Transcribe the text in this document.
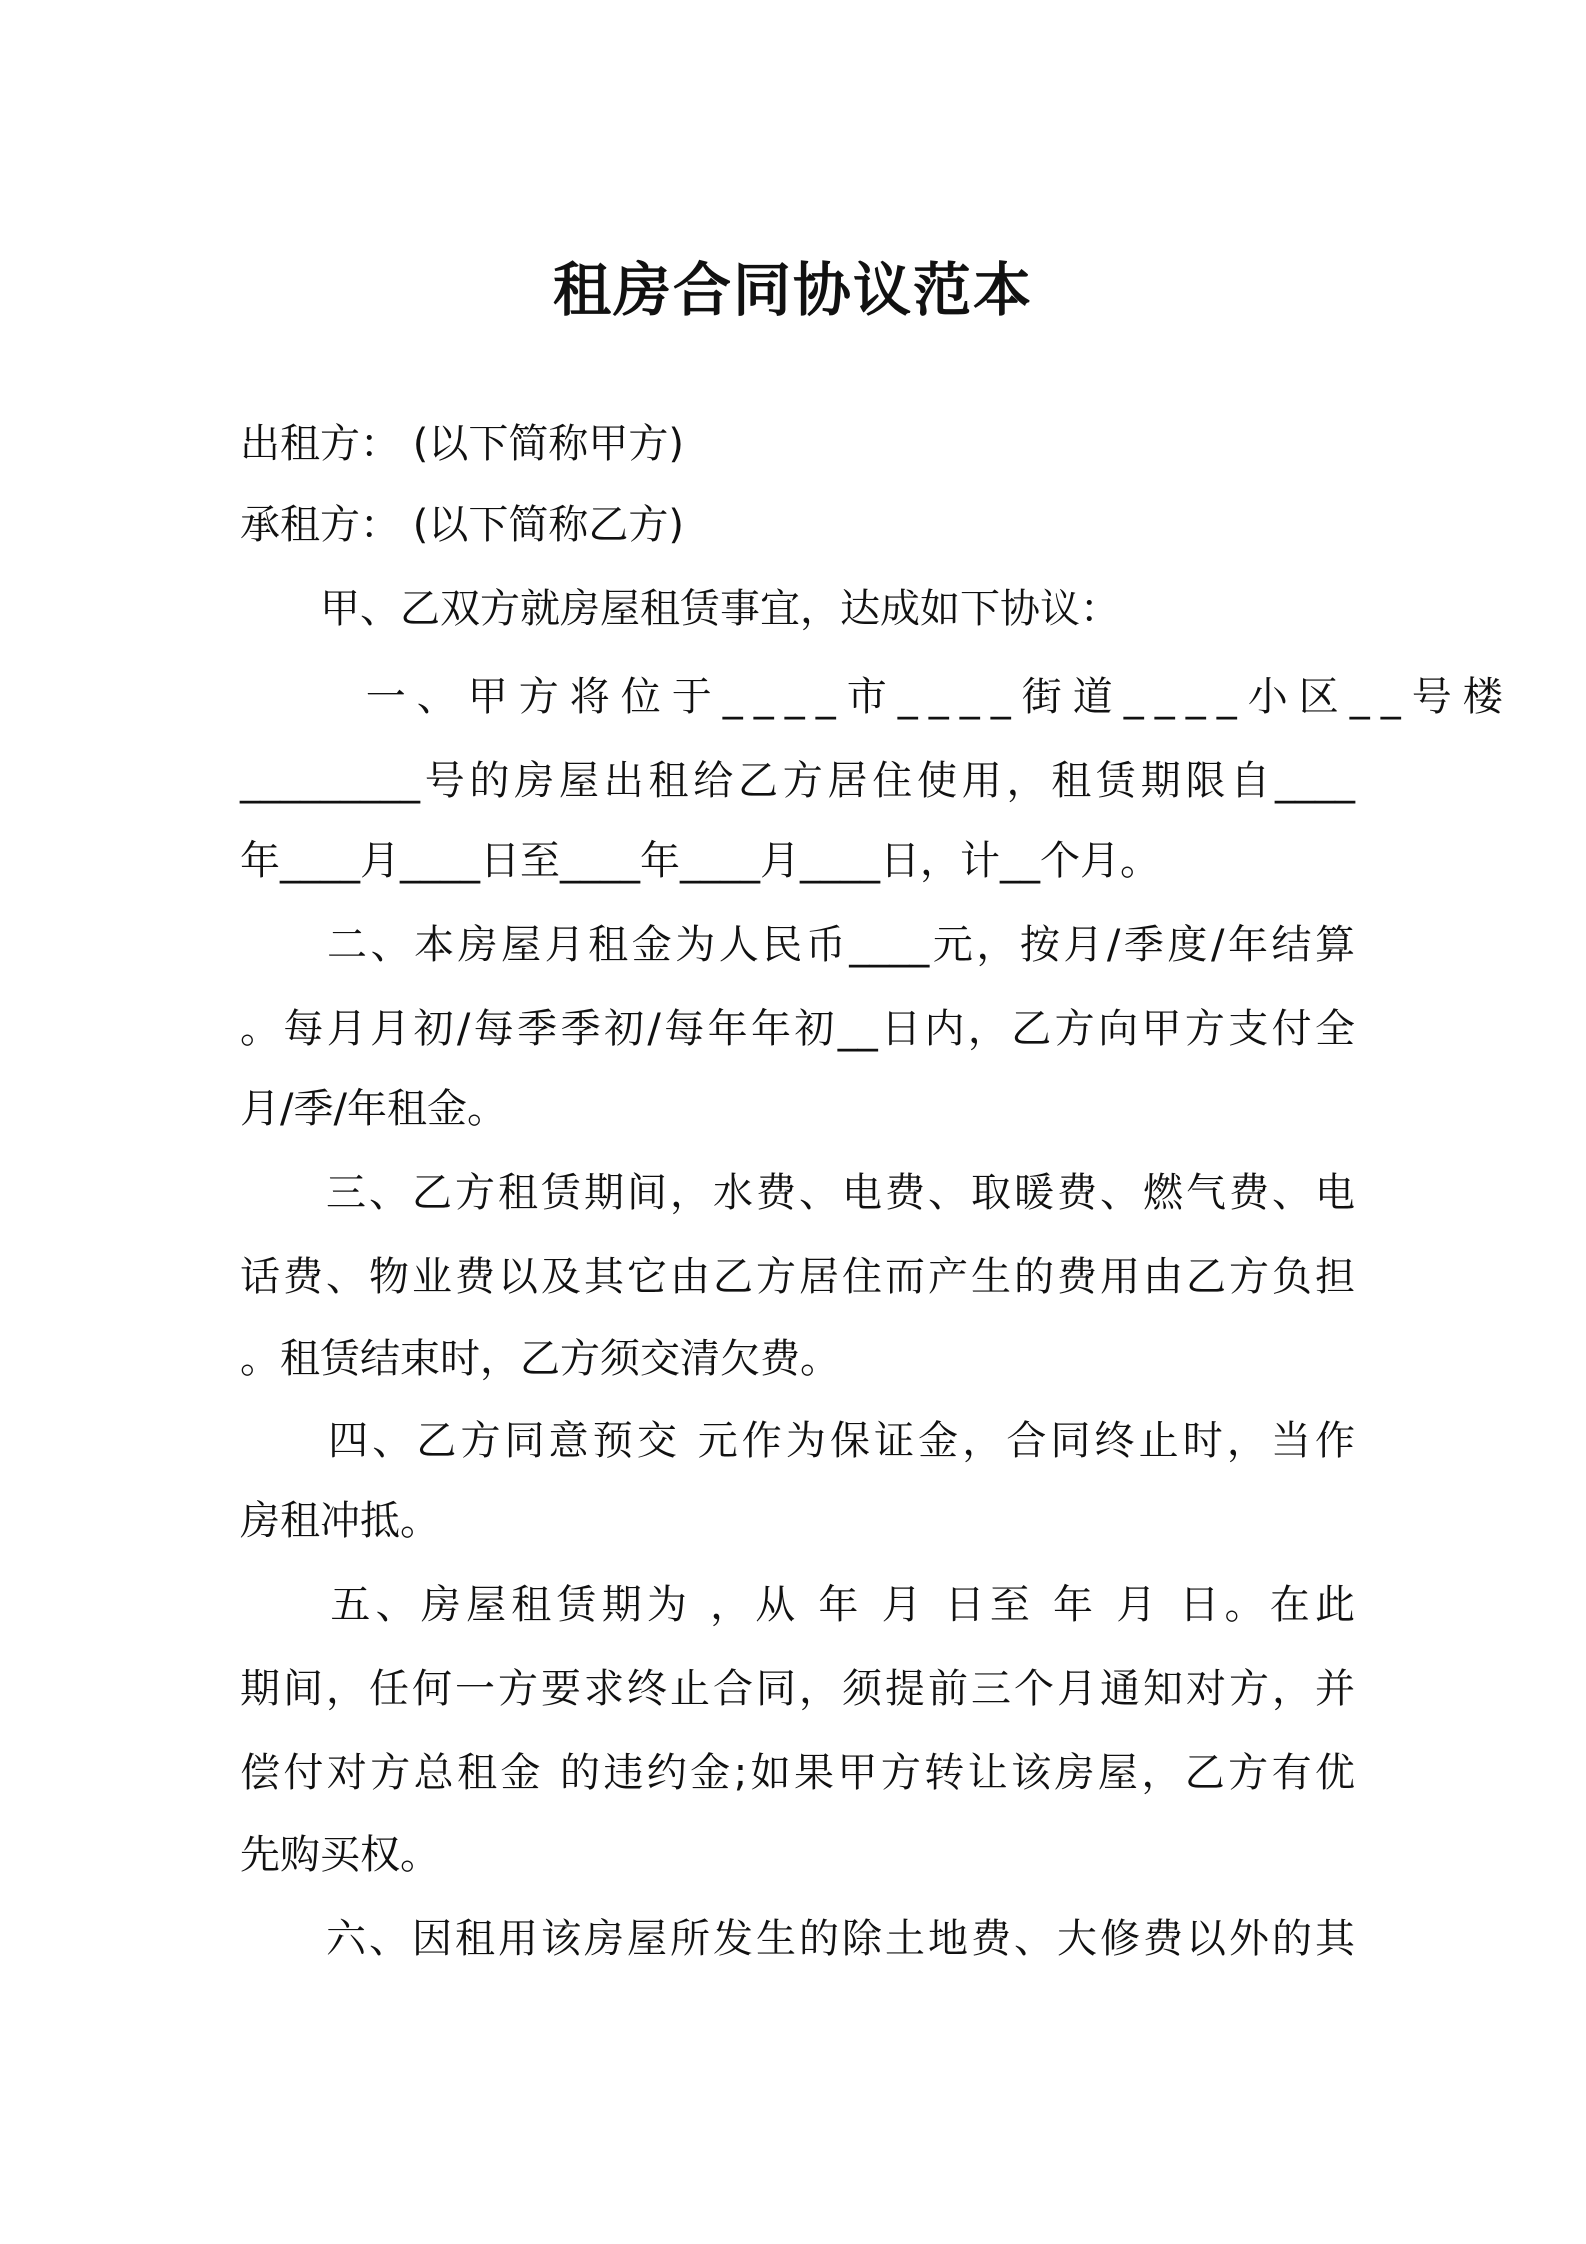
租房合同协议范本
出租方： (以下简称甲方)
承租方： (以下简称乙方)
　　甲、乙双方就房屋租赁事宜，达成如下协议：
　　 一、甲方将位于____市____街道____小区__号楼
_________号的房屋出租给乙方居住使用，租赁期限自____
年____月____日至____年____月____日，计__个月。
　　二、本房屋月租金为人民币____元，按月/季度/年结算
。每月月初/每季季初/每年年初__日内，乙方向甲方支付全
月/季/年租金。
　　三、乙方租赁期间，水费、电费、取暖费、燃气费、电
话费、物业费以及其它由乙方居住而产生的费用由乙方负担
。租赁结束时，乙方须交清欠费。
　　四、乙方同意预交 元作为保证金，合同终止时，当作
房租冲抵。
　　五、房屋租赁期为 ，从 年 月 日至 年 月 日。在此
期间，任何一方要求终止合同，须提前三个月通知对方，并
偿付对方总租金 的违约金;如果甲方转让该房屋，乙方有优
先购买权。
　　六、因租用该房屋所发生的除土地费、大修费以外的其
